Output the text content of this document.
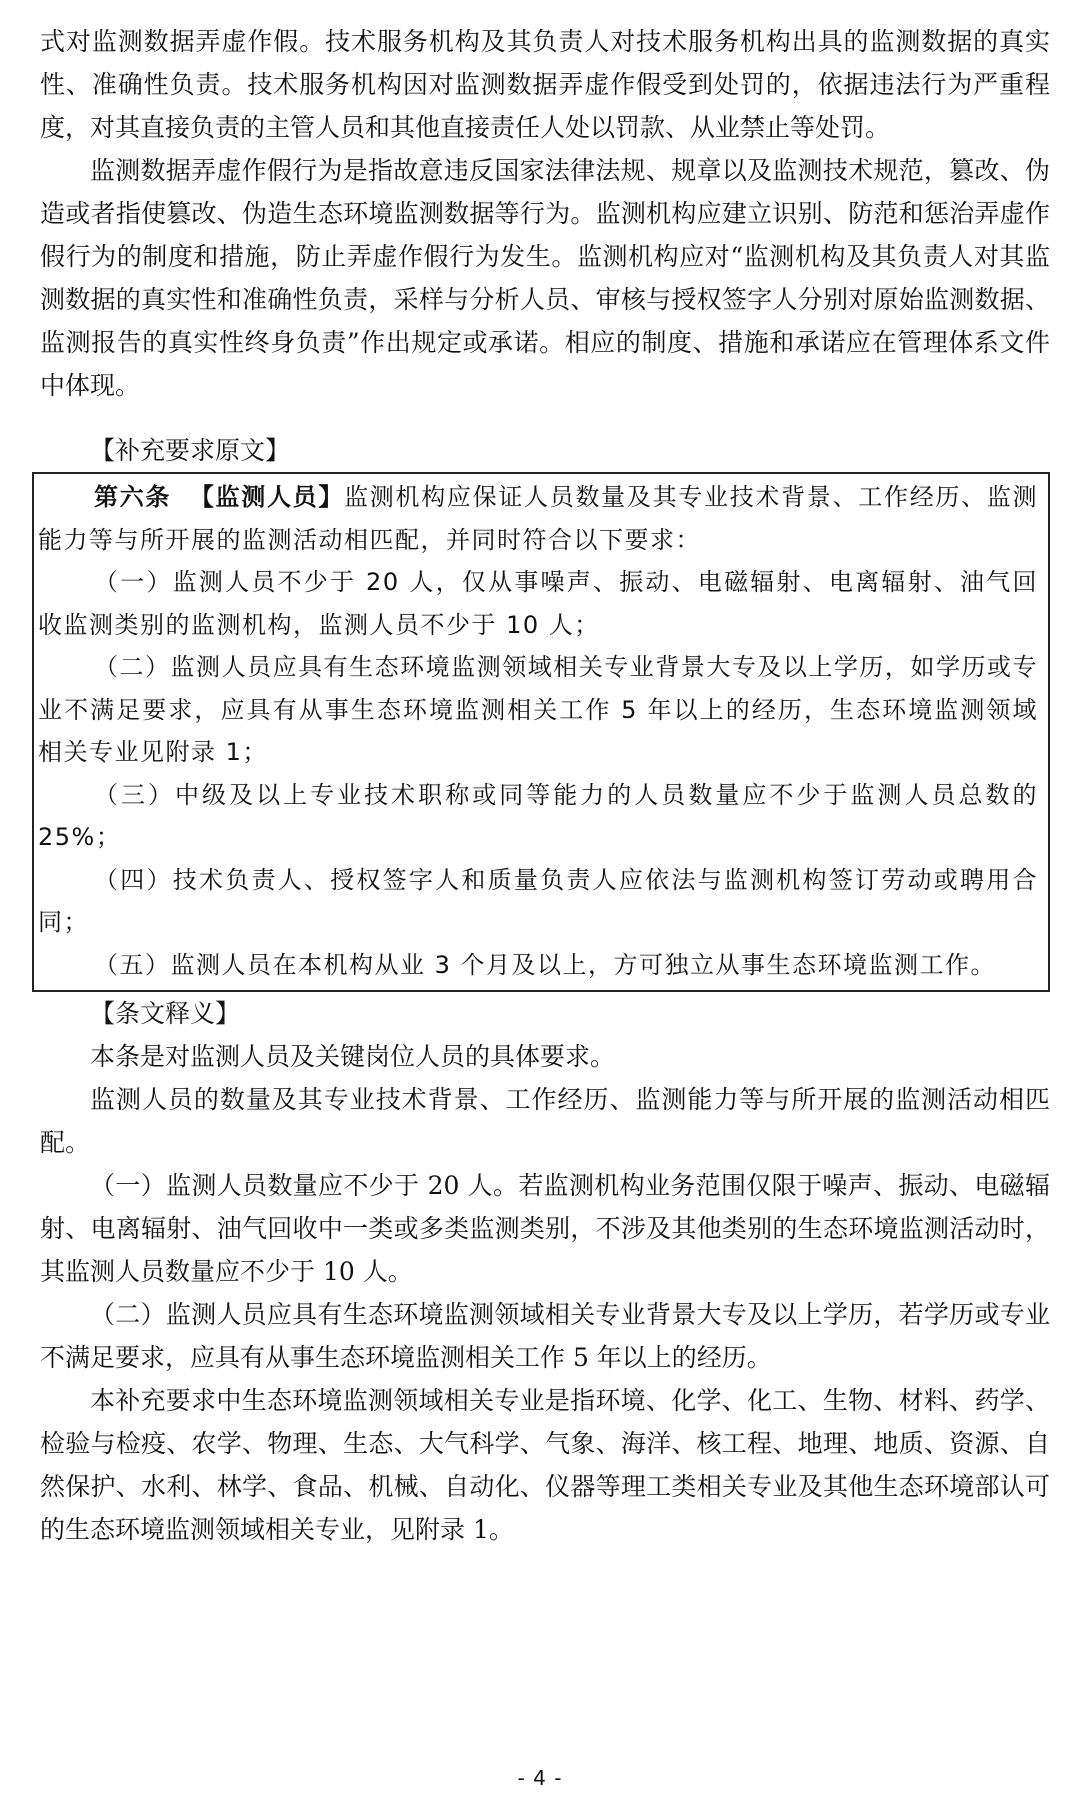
式对监测数据弄虚作假。技术服务机构及其负责人对技术服务机构出具的监测数据的真实性、准确性负责。技术服务机构因对监测数据弄虚作假受到处罚的，依据违法行为严重程度，对其直接负责的主管人员和其他直接责任人处以罚款、从业禁止等处罚。

监测数据弄虚作假行为是指故意违反国家法律法规、规章以及监测技术规范，篡改、伪造或者指使篡改、伪造生态环境监测数据等行为。监测机构应建立识别、防范和惩治弄虚作假行为的制度和措施，防止弄虚作假行为发生。监测机构应对“监测机构及其负责人对其监测数据的真实性和准确性负责，采样与分析人员、审核与授权签字人分别对原始监测数据、监测报告的真实性终身负责”作出规定或承诺。相应的制度、措施和承诺应在管理体系文件中体现。

【补充要求原文】

第六条 【监测人员】监测机构应保证人员数量及其专业技术背景、工作经历、监测能力等与所开展的监测活动相匹配，并同时符合以下要求：

（一）监测人员不少于 20 人，仅从事噪声、振动、电磁辐射、电离辐射、油气回收监测类别的监测机构，监测人员不少于 10 人；

（二）监测人员应具有生态环境监测领域相关专业背景大专及以上学历，如学历或专业不满足要求，应具有从事生态环境监测相关工作 5 年以上的经历，生态环境监测领域相关专业见附录 1；

（三）中级及以上专业技术职称或同等能力的人员数量应不少于监测人员总数的 25%；

（四）技术负责人、授权签字人和质量负责人应依法与监测机构签订劳动或聘用合同；

（五）监测人员在本机构从业 3 个月及以上，方可独立从事生态环境监测工作。

【条文释义】

本条是对监测人员及关键岗位人员的具体要求。

监测人员的数量及其专业技术背景、工作经历、监测能力等与所开展的监测活动相匹配。

（一）监测人员数量应不少于 20 人。若监测机构业务范围仅限于噪声、振动、电磁辐射、电离辐射、油气回收中一类或多类监测类别，不涉及其他类别的生态环境监测活动时，其监测人员数量应不少于 10 人。

（二）监测人员应具有生态环境监测领域相关专业背景大专及以上学历，若学历或专业不满足要求，应具有从事生态环境监测相关工作 5 年以上的经历。

本补充要求中生态环境监测领域相关专业是指环境、化学、化工、生物、材料、药学、检验与检疫、农学、物理、生态、大气科学、气象、海洋、核工程、地理、地质、资源、自然保护、水利、林学、食品、机械、自动化、仪器等理工类相关专业及其他生态环境部认可的生态环境监测领域相关专业，见附录 1。

- 4 -
